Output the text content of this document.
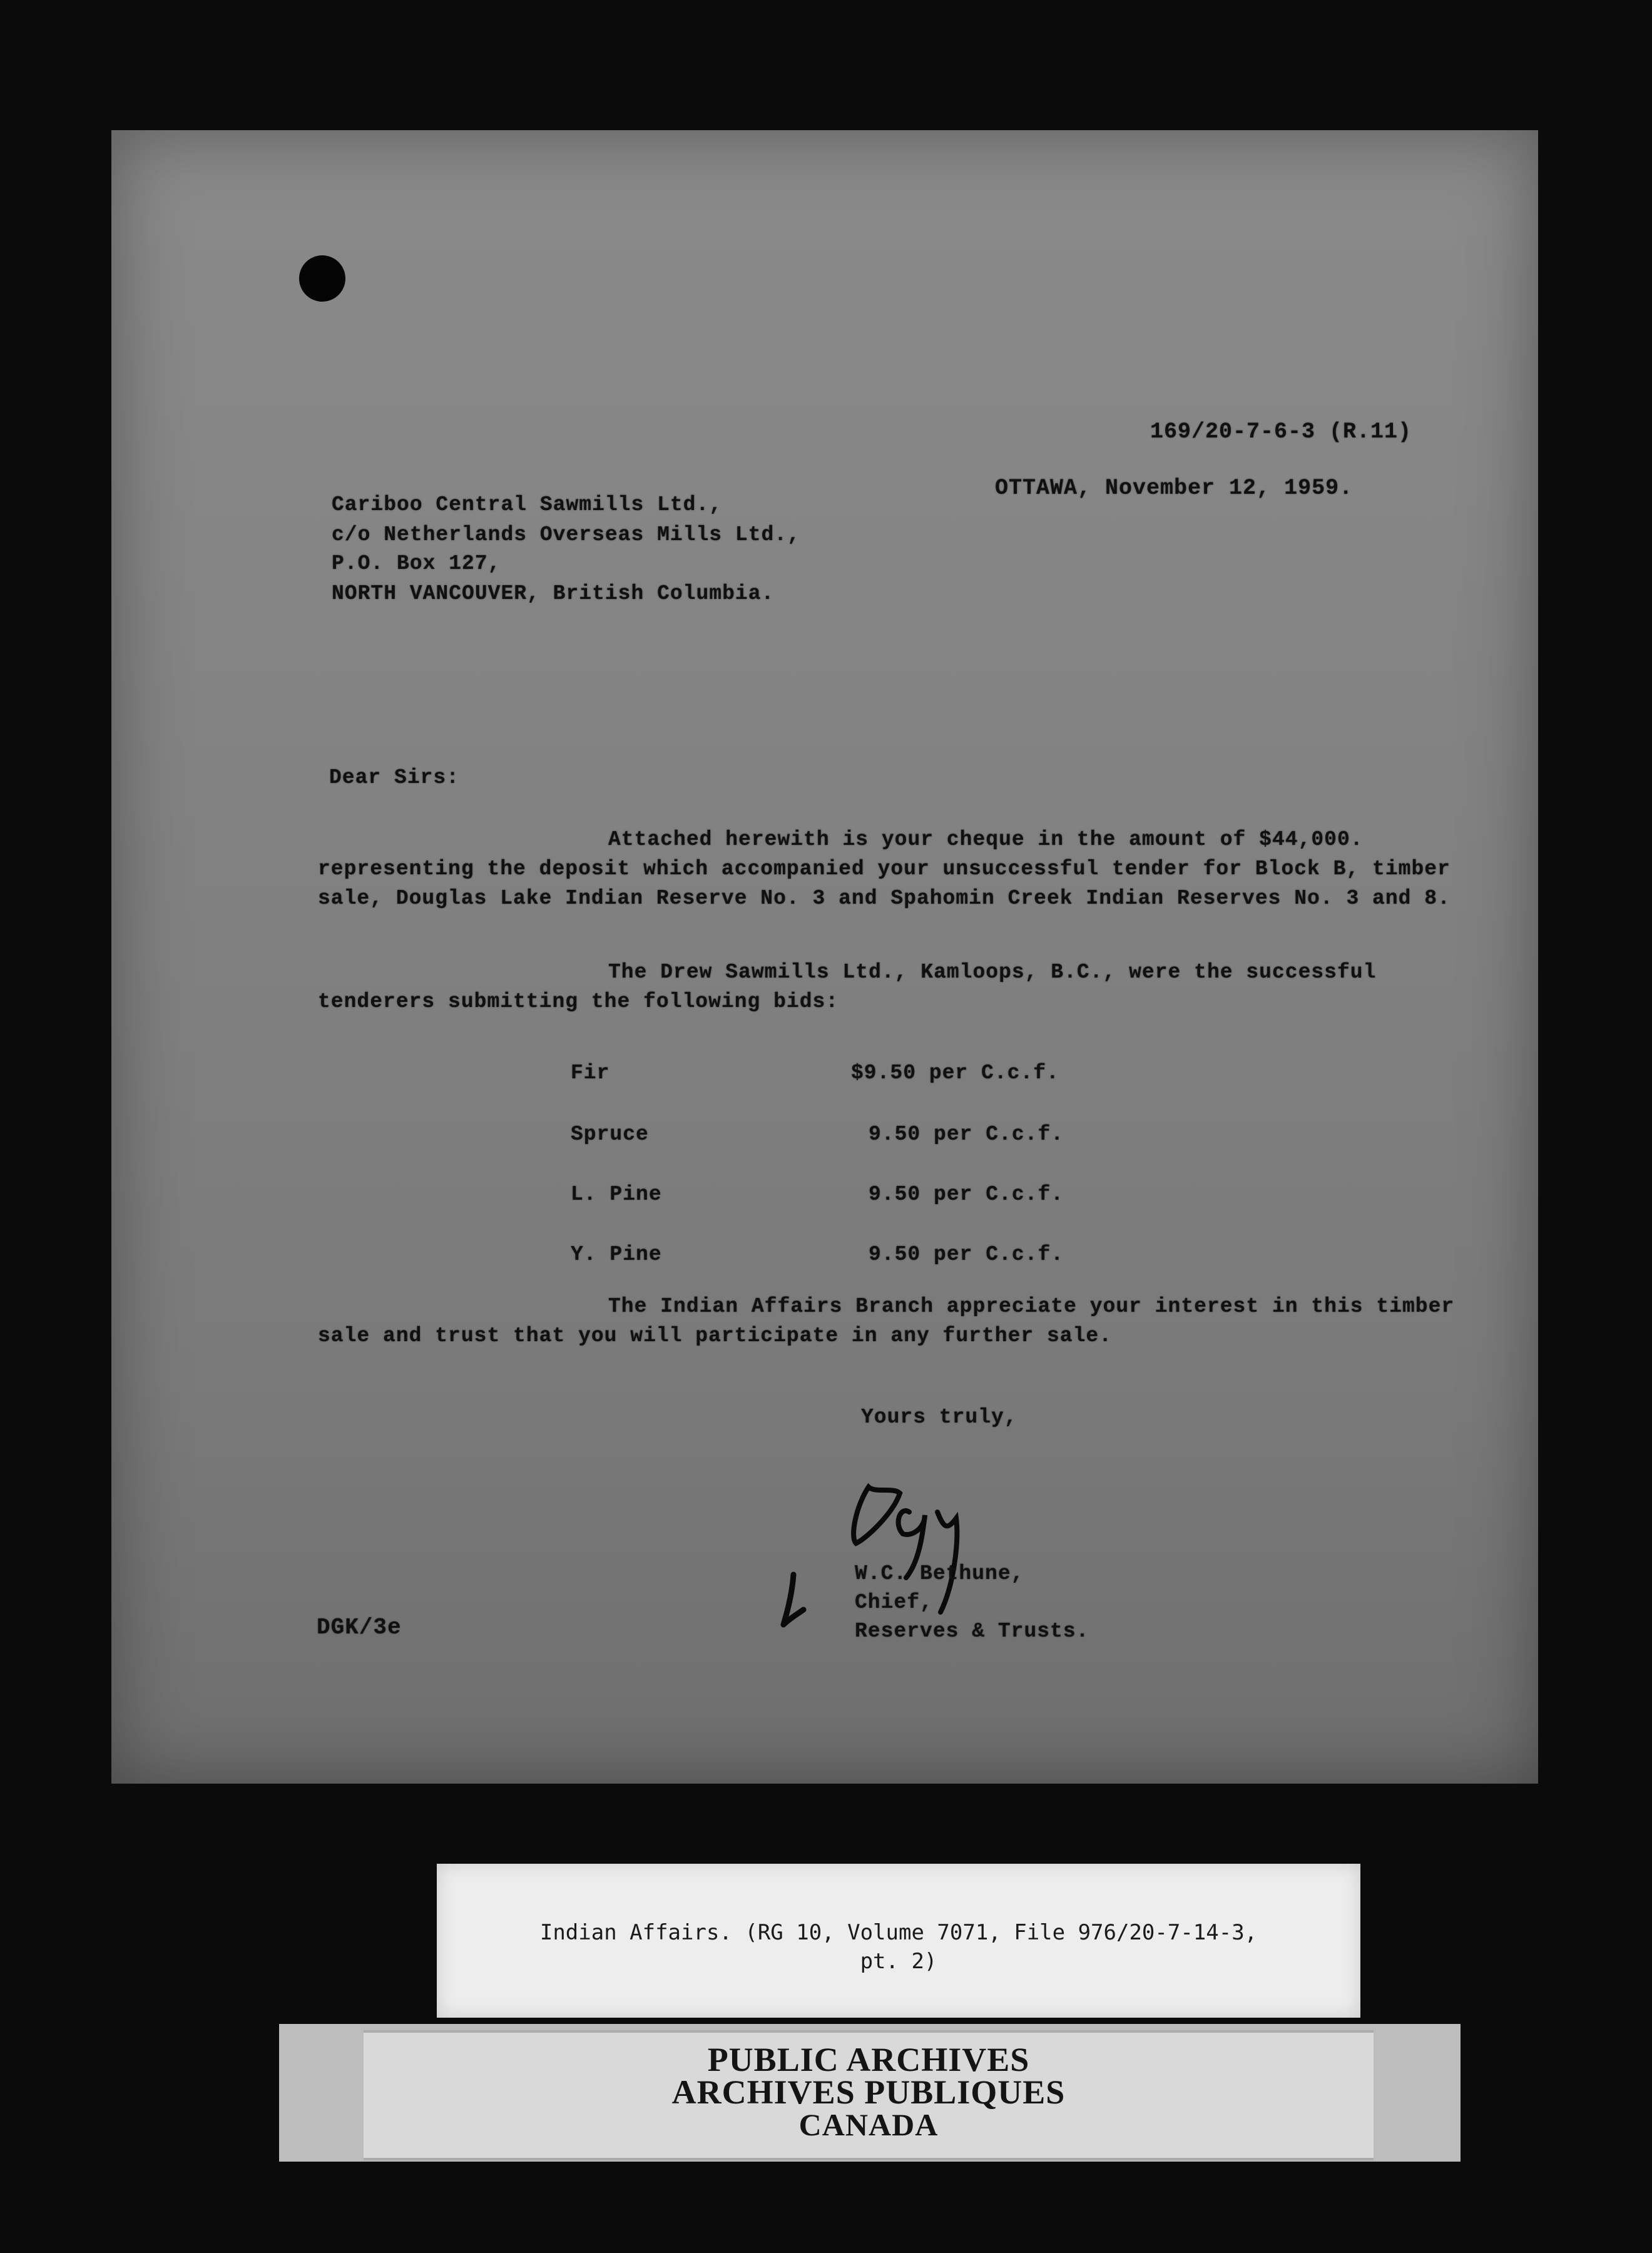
169/20-7-6-3 (R.11)
OTTAWA, November 12, 1959.
Cariboo Central Sawmills Ltd.,
c/o Netherlands Overseas Mills Ltd.,
P.O. Box 127,
NORTH VANCOUVER, British Columbia.
Dear Sirs:
Attached herewith is your cheque in the amount of $44,000. representing the deposit which accompanied your unsuccessful tender for Block B, timber sale, Douglas Lake Indian Reserve No. 3 and Spahomin Creek Indian Reserves No. 3 and 8.
The Drew Sawmills Ltd., Kamloops, B.C., were the successful tenderers submitting the following bids:
Fir	$9.50 per C.c.f.
Spruce	9.50 per C.c.f.
L. Pine	9.50 per C.c.f.
Y. Pine	9.50 per C.c.f.
The Indian Affairs Branch appreciate your interest in this timber sale and trust that you will participate in any further sale.
Yours truly,
W.C. Bethune,
Chief,
Reserves & Trusts.
DGK/3e
Indian Affairs. (RG 10, Volume 7071, File 976/20-7-14-3,
pt. 2)
PUBLIC ARCHIVES
ARCHIVES PUBLIQUES
CANADA
